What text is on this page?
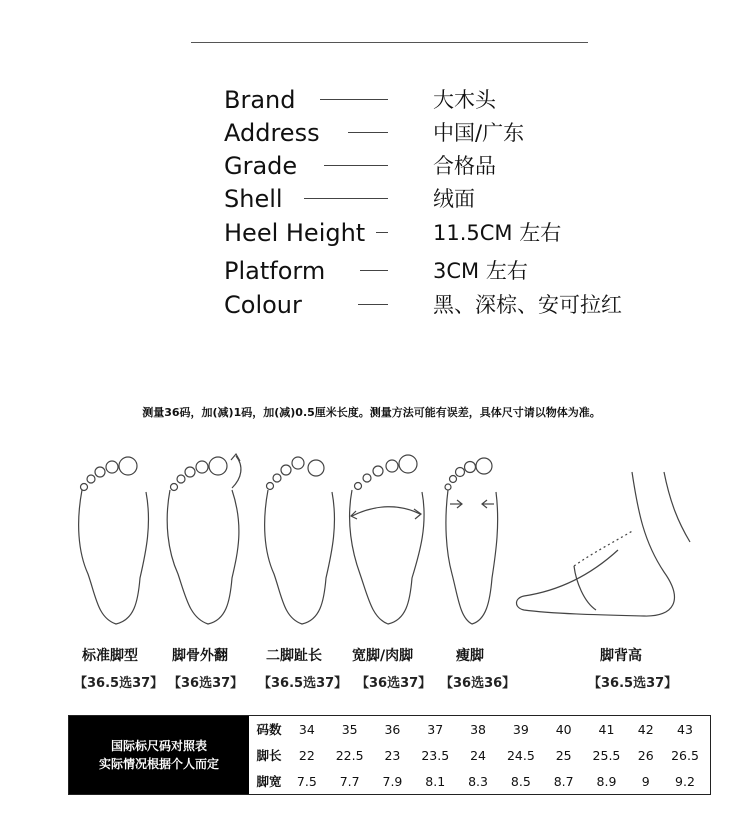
Brand	大木头
Address	中国/广东
Grade	合格品
Shell	绒面
Heel Height	11.5CM 左右
Platform	3CM 左右
Colour	黑、深棕、安可拉红
测量36码，加(减)1码，加(减)0.5厘米长度。测量方法可能有误差，具体尺寸请以物体为准。
标准脚型
【36.5选37】
脚骨外翻
【36选37】
二脚趾长
【36.5选37】
宽脚/肉脚
【36选37】
瘦脚
【36选36】
脚背高
【36.5选37】
国际标尺码对照表
实际情况根据个人而定
码数	34	35	36	37	38	39	40	41	42	43
脚长	22	22.5	23	23.5	24	24.5	25	25.5	26	26.5
脚宽	7.5	7.7	7.9	8.1	8.3	8.5	8.7	8.9	9	9.2
